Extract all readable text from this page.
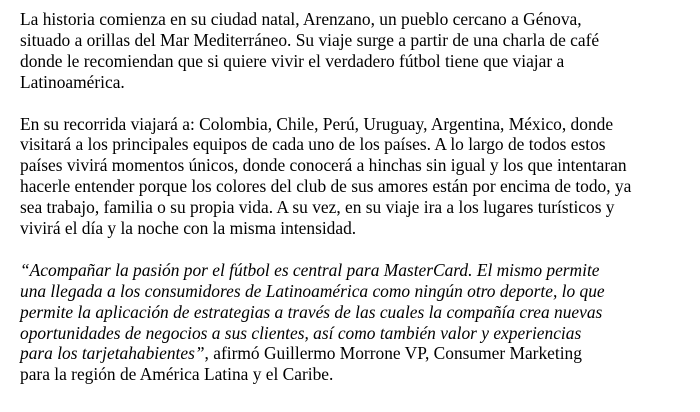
La historia comienza en su ciudad natal, Arenzano, un pueblo cercano a Génova,
situado a orillas del Mar Mediterráneo. Su viaje surge a partir de una charla de café
donde le recomiendan que si quiere vivir el verdadero fútbol tiene que viajar a
Latinoamérica.

En su recorrida viajará a: Colombia, Chile, Perú, Uruguay, Argentina, México, donde
visitará a los principales equipos de cada uno de los países. A lo largo de todos estos
países vivirá momentos únicos, donde conocerá a hinchas sin igual y los que intentaran
hacerle entender porque los colores del club de sus amores están por encima de todo, ya
sea trabajo, familia o su propia vida. A su vez, en su viaje ira a los lugares turísticos y
vivirá el día y la noche con la misma intensidad.

“Acompañar la pasión por el fútbol es central para MasterCard. El mismo permite
una llegada a los consumidores de Latinoamérica como ningún otro deporte, lo que
permite la aplicación de estrategias a través de las cuales la compañía crea nuevas
oportunidades de negocios a sus clientes, así como también valor y experiencias
para los tarjetahabientes”, afirmó Guillermo Morrone VP, Consumer Marketing
para la región de América Latina y el Caribe.
